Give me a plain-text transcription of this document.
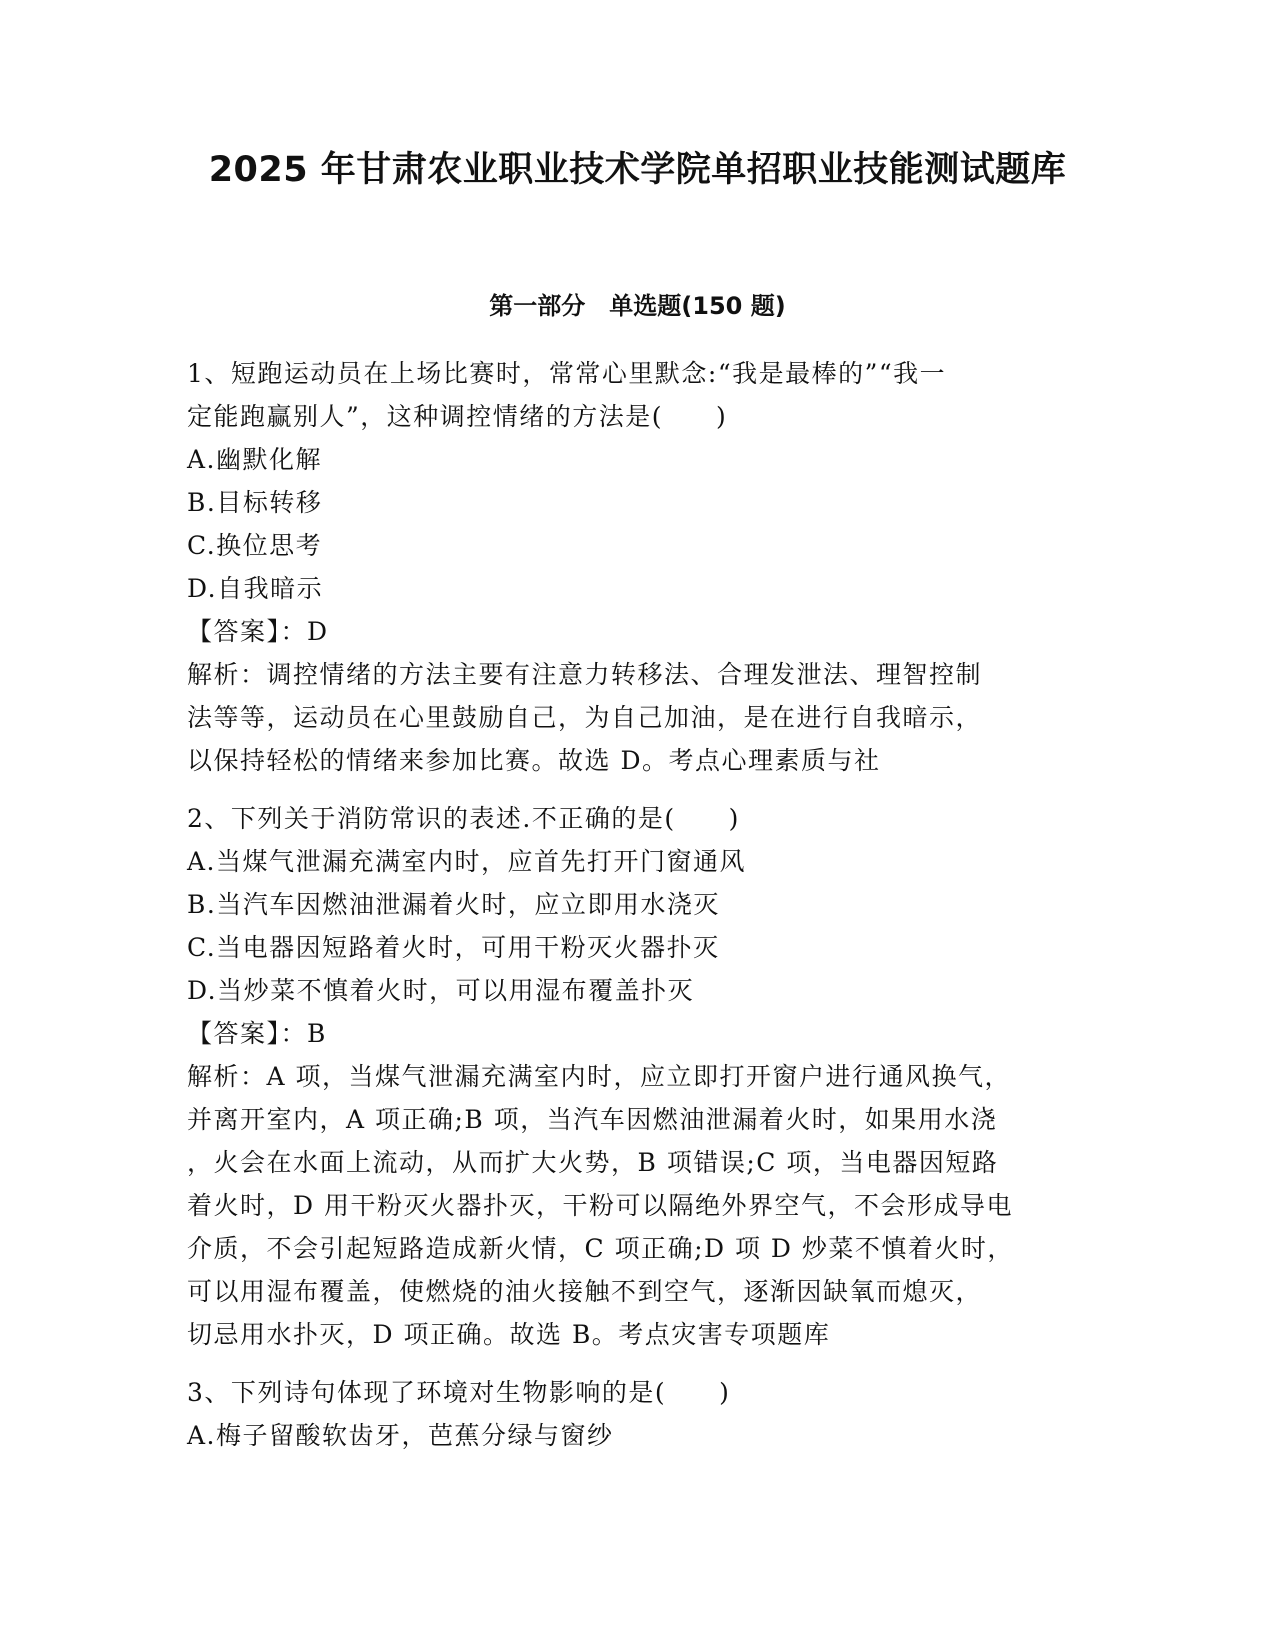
2025 年甘肃农业职业技术学院单招职业技能测试题库
第一部分　单选题(150 题)
1、短跑运动员在上场比赛时，常常心里默念:“我是最棒的”“我一
定能跑赢别人”，这种调控情绪的方法是(　　)
A.幽默化解
B.目标转移
C.换位思考
D.自我暗示
【答案】：D
解析：调控情绪的方法主要有注意力转移法、合理发泄法、理智控制
法等等，运动员在心里鼓励自己，为自己加油，是在进行自我暗示，
以保持轻松的情绪来参加比赛。故选 D。考点心理素质与社
2、下列关于消防常识的表述.不正确的是(　　)
A.当煤气泄漏充满室内时，应首先打开门窗通风
B.当汽车因燃油泄漏着火时，应立即用水浇灭
C.当电器因短路着火时，可用干粉灭火器扑灭
D.当炒菜不慎着火时，可以用湿布覆盖扑灭
【答案】：B
解析：A 项，当煤气泄漏充满室内时，应立即打开窗户进行通风换气，
并离开室内，A 项正确;B 项，当汽车因燃油泄漏着火时，如果用水浇
，火会在水面上流动，从而扩大火势，B 项错误;C 项，当电器因短路
着火时，D 用干粉灭火器扑灭，干粉可以隔绝外界空气，不会形成导电
介质，不会引起短路造成新火情，C 项正确;D 项 D 炒菜不慎着火时，
可以用湿布覆盖，使燃烧的油火接触不到空气，逐渐因缺氧而熄灭，
切忌用水扑灭，D 项正确。故选 B。考点灾害专项题库
3、下列诗句体现了环境对生物影响的是(　　)
A.梅子留酸软齿牙，芭蕉分绿与窗纱
